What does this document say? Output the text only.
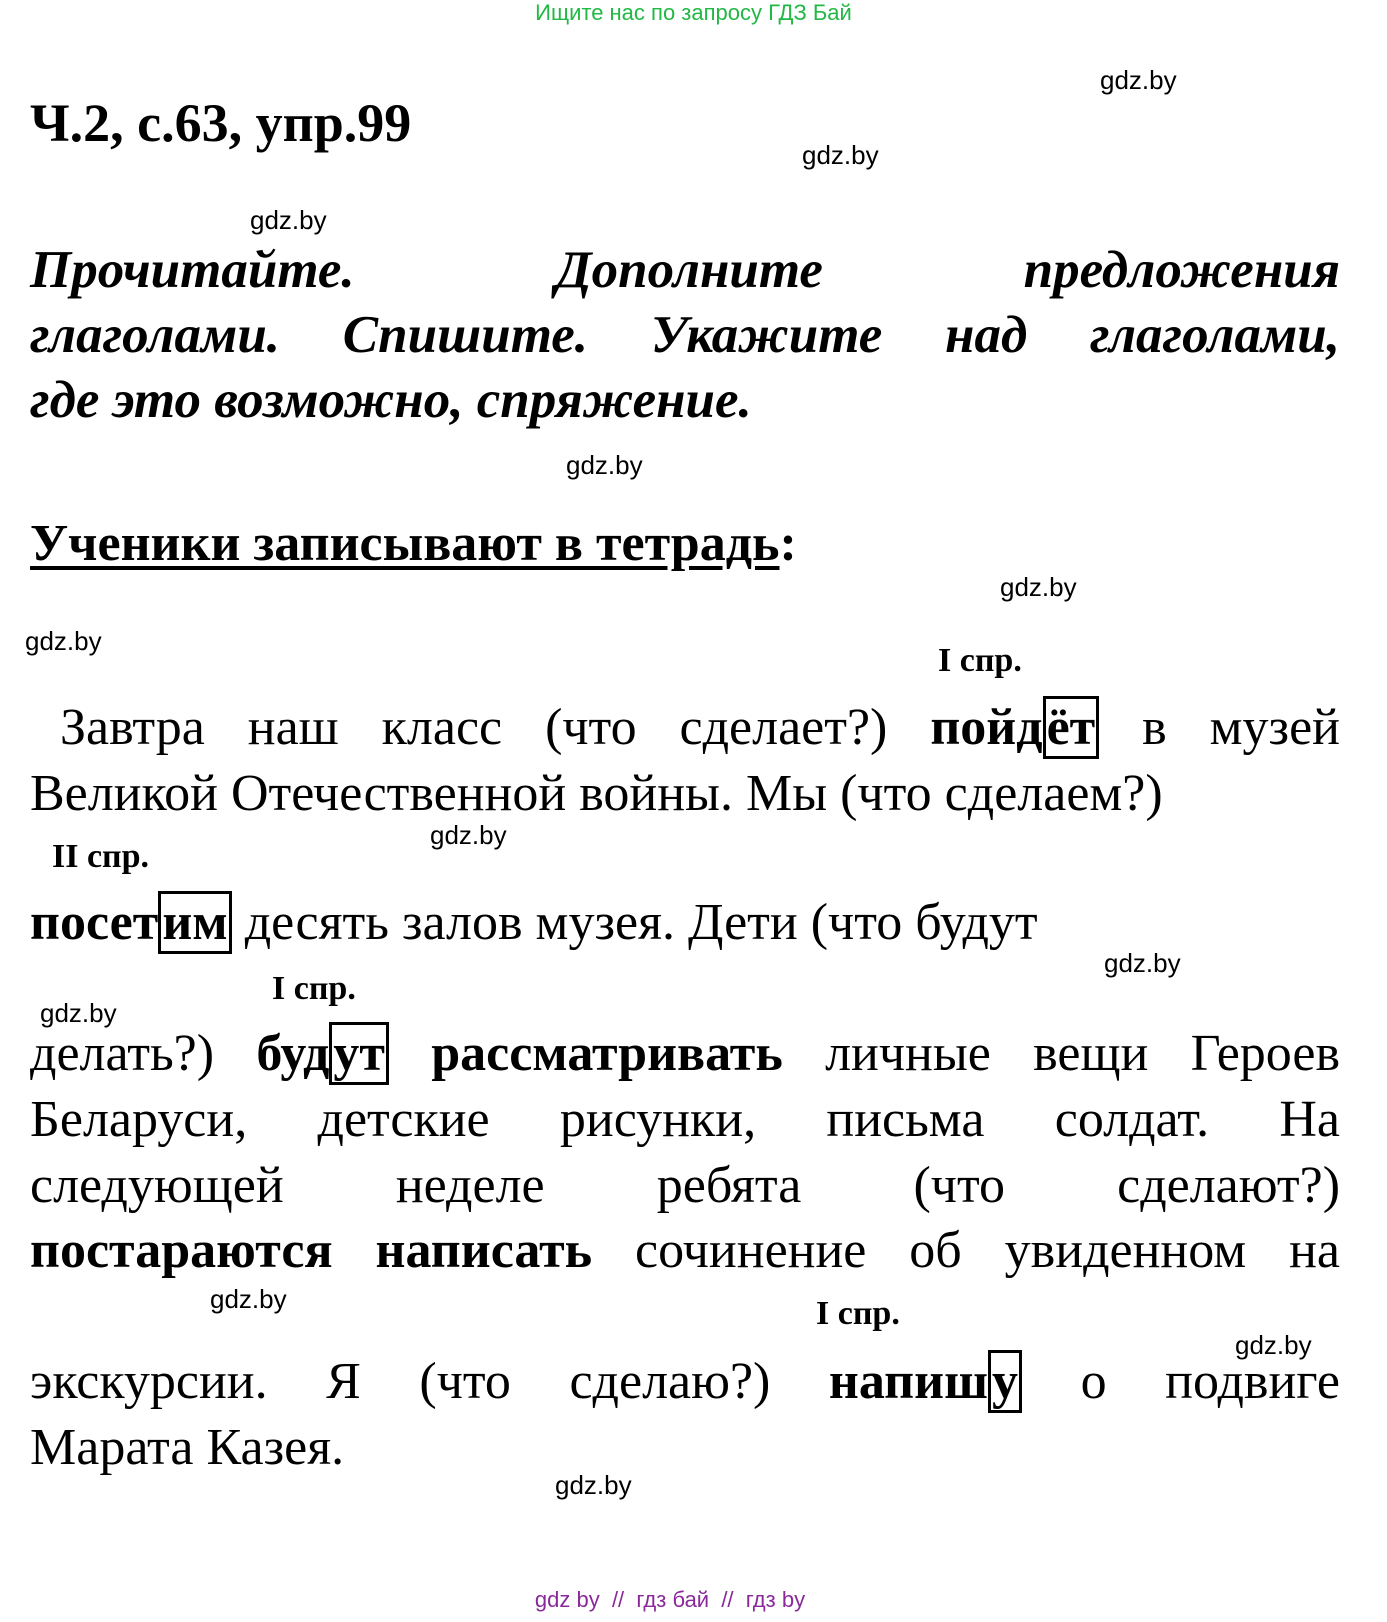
Ищите нас по запросу ГДЗ Бай
Ч.2, с.63, упр.99
Прочитайте.	Дополните	предложения
глаголами. Спишите. Укажите над глаголами,
где это возможно, спряжение.
Ученики записывают в тетрадь:
I спр.
II спр.
I спр.
I спр.
Завтра наш класс (что сделает?) пойдёт в музей
Великой Отечественной войны. Мы (что сделаем?)
посетим десять залов музея. Дети (что будут
делать?) будут рассматривать личные вещи Героев
Беларуси, детские рисунки, письма солдат. На
следующей неделе ребята (что сделают?)
постараются написать сочинение об увиденном на
экскурсии. Я (что сделаю?) напишу о подвиге
Марата Казея.
gdz.by
gdz.by
gdz.by
gdz.by
gdz.by
gdz.by
gdz.by
gdz.by
gdz.by
gdz.by
gdz.by
gdz.by
gdz by  //  гдз бай  //  гдз by
